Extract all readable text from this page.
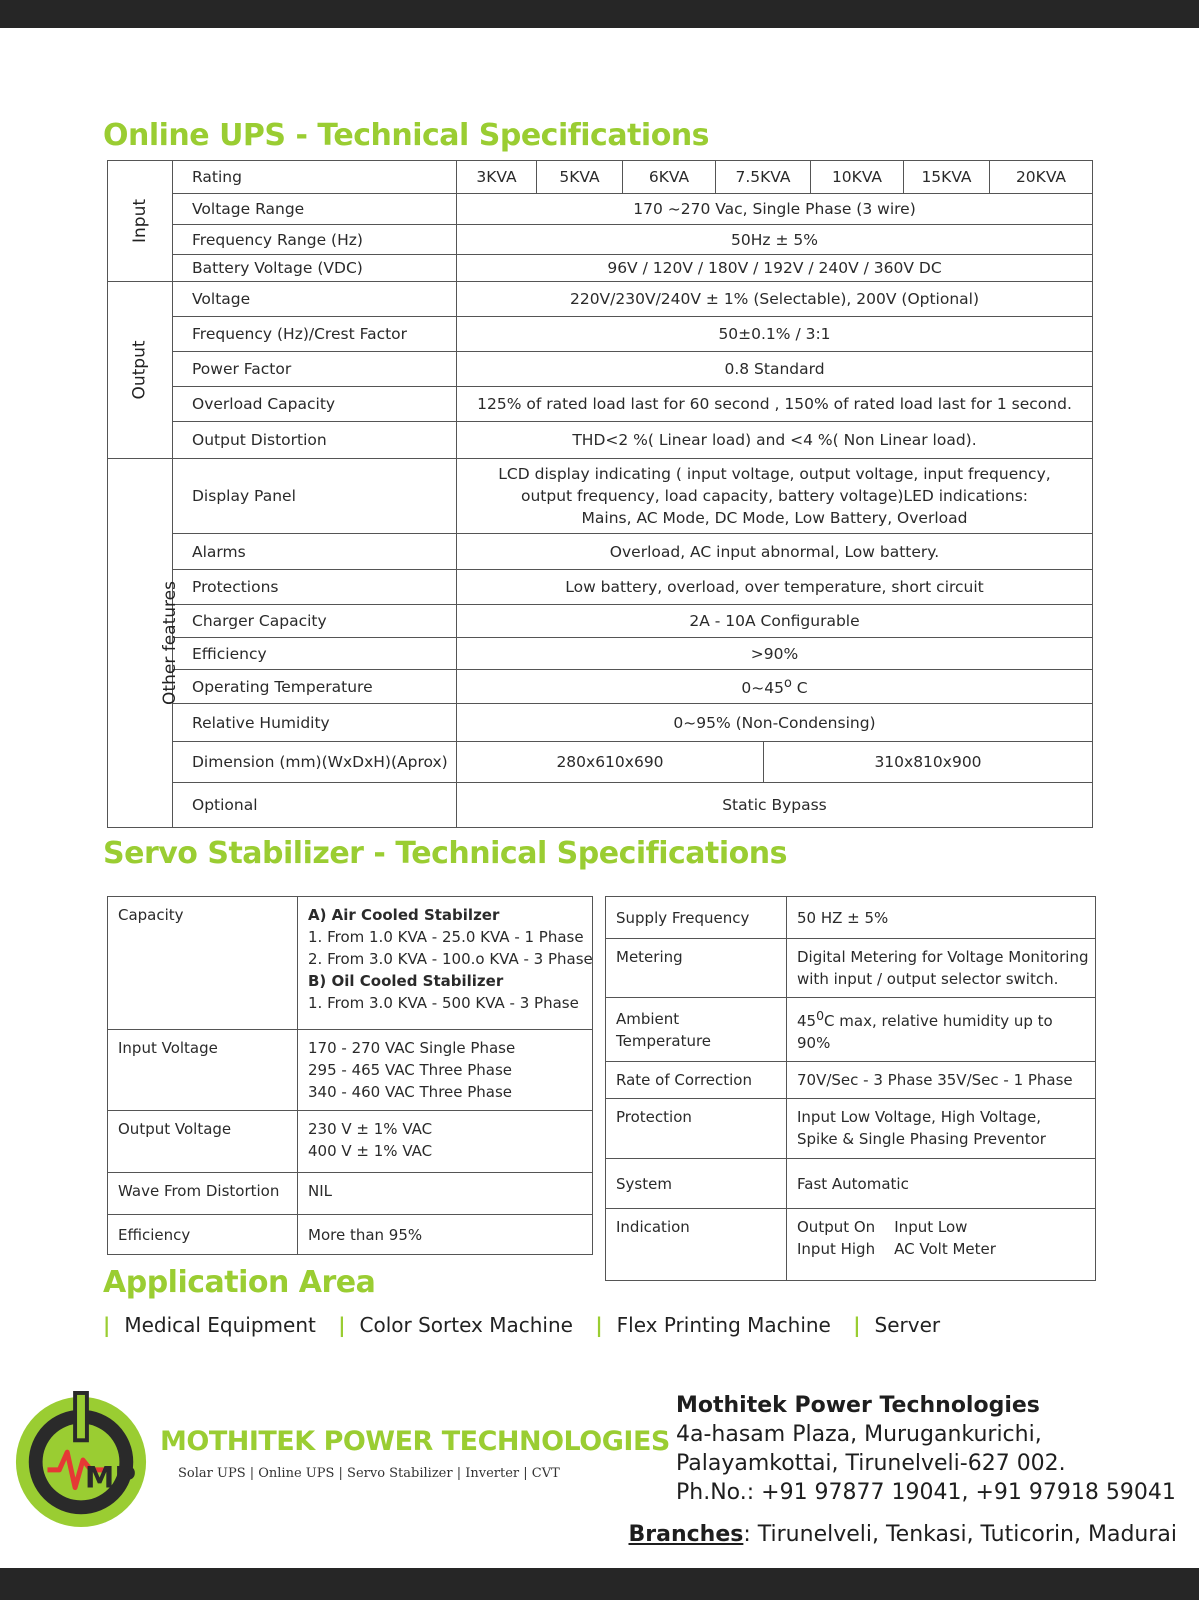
Online UPS - Technical Specifications
Input	Rating	3KVA	5KVA	6KVA	7.5KVA		10KVA	15KVA	20KVA
	Voltage Range	170 ~270 Vac, Single Phase (3 wire)							
	Frequency Range (Hz)	50Hz ± 5%							
	Battery Voltage (VDC)	96V / 120V / 180V / 192V / 240V / 360V DC							
Output	Voltage	220V/230V/240V ± 1% (Selectable), 200V (Optional)							
	Frequency (Hz)/Crest Factor	50±0.1% / 3:1							
	Power Factor	0.8 Standard							
	Overload Capacity	125% of rated load last for 60 second , 150% of rated load last for 1 second.							
	Output Distortion	THD<2 %( Linear load) and <4 %( Non Linear load).							
Other features	Display Panel	LCD display indicating ( input voltage, output voltage, input frequency,
output frequency, load capacity, battery voltage)LED indications:
Mains, AC Mode, DC Mode, Low Battery, Overload							

	Alarms	Overload, AC input abnormal, Low battery.							
	Protections	Low battery, overload, over temperature, short circuit							
	Charger Capacity	2A - 10A Configurable							
	Efficiency	>90%							
	Operating Temperature	0~45$^o$ C							
	Relative Humidity	0~95% (Non-Condensing)							
	Dimension (mm)(WxDxH)(Aprox)	280x610x690				310x810x900			
	Optional	Static Bypass							
Servo Stabilizer - Technical Specifications
Capacity	A) Air Cooled Stabilzer
1. From 1.0 KVA - 25.0 KVA - 1 Phase
2. From 3.0 KVA - 100.o KVA - 3 Phase
B) Oil Cooled Stabilizer
1. From 3.0 KVA - 500 KVA - 3 Phase

Input Voltage	170 - 270 VAC Single Phase
295 - 465 VAC Three Phase
340 - 460 VAC Three Phase

Output Voltage	230 V ± 1% VAC
400 V ± 1% VAC

Wave From Distortion	NIL
Efficiency	More than 95%
Supply Frequency	50 HZ ± 5%
Metering	Digital Metering for Voltage Monitoring
with input / output selector switch.

Ambient Temperature	$45^0C$ max, relative humidity up to 90%
Rate of Correction	70V/Sec - 3 Phase 35V/Sec - 1 Phase
Protection	Input Low Voltage, High Voltage,
Spike & Single Phasing Preventor

System	Fast Automatic
Indication	Output On    Input Low
Input High    AC Volt Meter
Application Area

| Medical Equipment | Color Sortex Machine | Flex Printing Machine | Server

MP
MOTHITEK POWER TECHNOLOGIES
Solar UPS | Online UPS | Servo Stabilizer | Inverter | CVT
Mothitek Power Technologies
4a-hasam Plaza, Murugankurichi,
Palayamkottai, Tirunelveli-627 002.
Ph.No.: +91 97877 19041, +91 97918 59041
Branches: Tirunelveli, Tenkasi, Tuticorin, Madurai
